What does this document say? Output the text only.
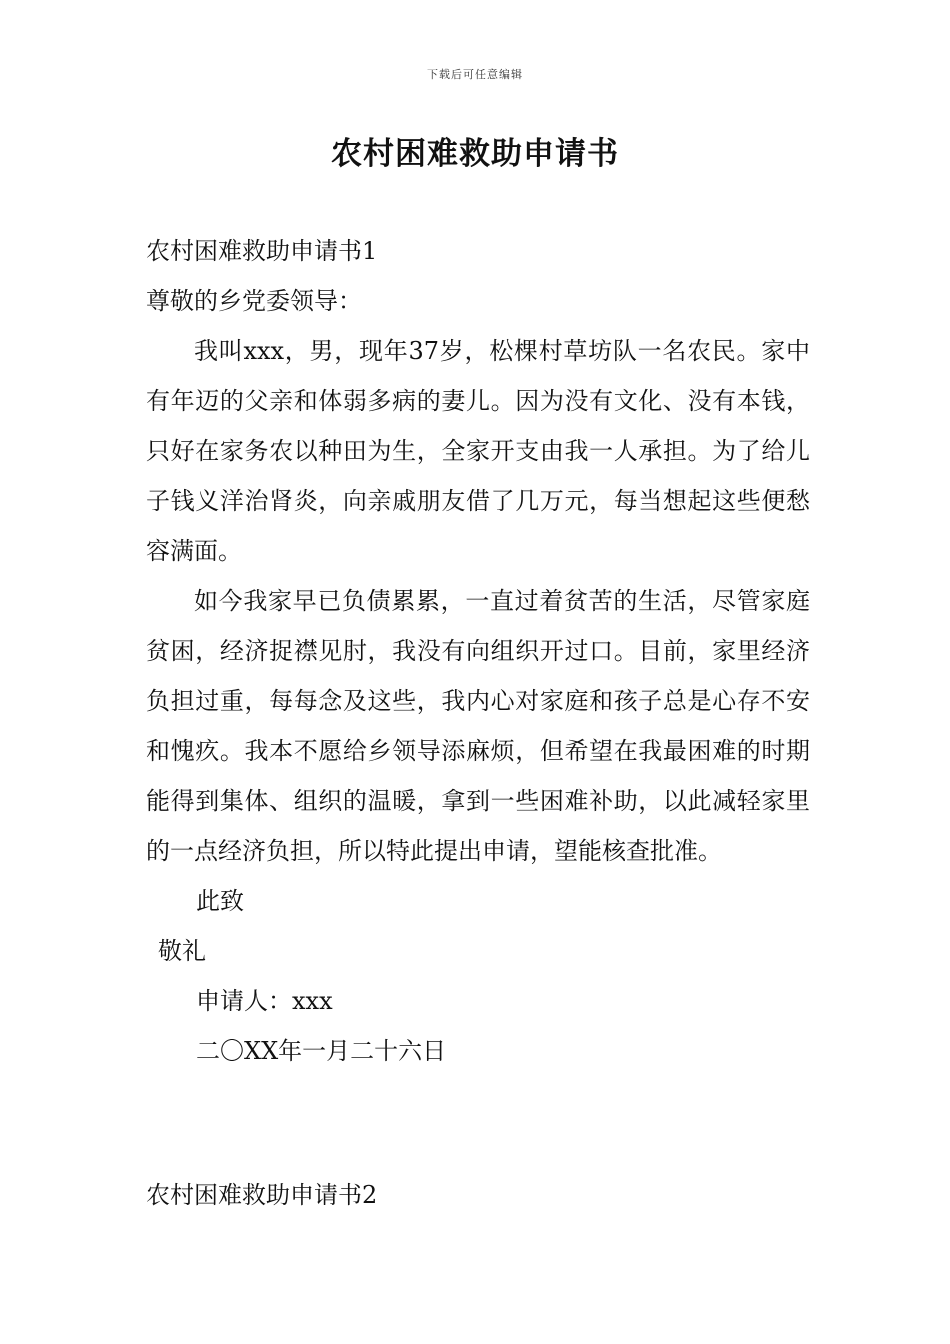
下载后可任意编辑
农村困难救助申请书
农村困难救助申请书1
尊敬的乡党委领导：

我叫xxx，男，现年37岁，松棵村草坊队一名农民。家中有年迈的父亲和体弱多病的妻儿。因为没有文化、没有本钱，只好在家务农以种田为生，全家开支由我一人承担。为了给儿子钱义洋治肾炎，向亲戚朋友借了几万元，每当想起这些便愁容满面。

如今我家早已负债累累，一直过着贫苦的生活，尽管家庭贫困，经济捉襟见肘，我没有向组织开过口。目前，家里经济负担过重，每每念及这些，我内心对家庭和孩子总是心存不安和愧疚。我本不愿给乡领导添麻烦，但希望在我最困难的时期能得到集体、组织的温暖，拿到一些困难补助，以此减轻家里的一点经济负担，所以特此提出申请，望能核查批准。

此致
敬礼
申请人：xxx
二〇XX年一月二十六日
农村困难救助申请书2
